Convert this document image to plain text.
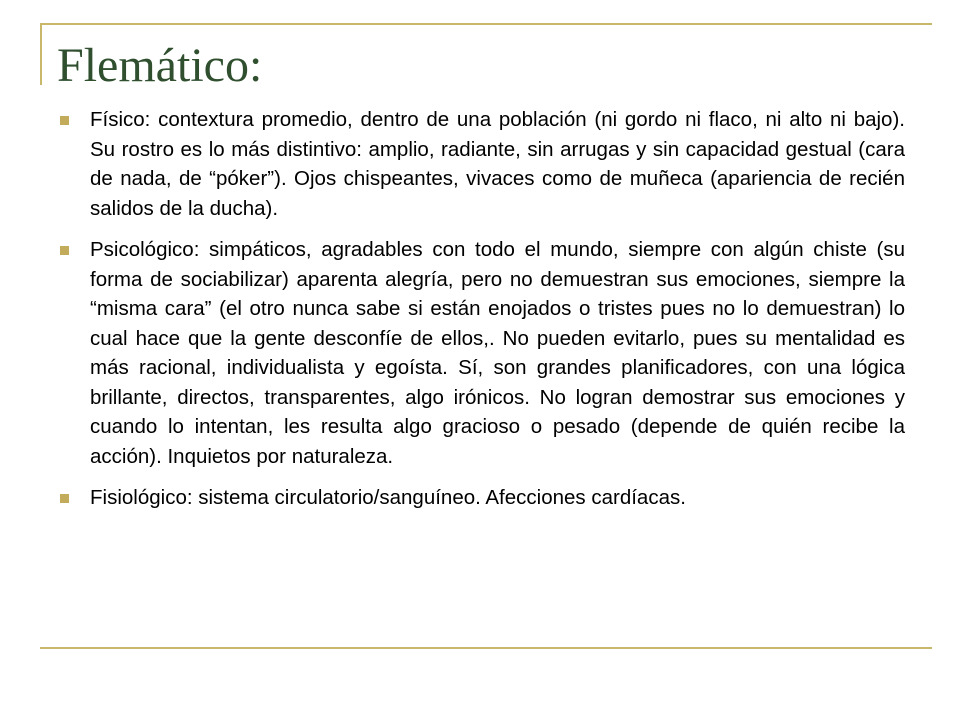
Flemático:
Físico: contextura promedio, dentro de una población (ni gordo ni flaco, ni alto ni bajo). Su rostro es lo más distintivo: amplio, radiante, sin arrugas y sin capacidad gestual (cara de nada, de “póker”). Ojos chispeantes, vivaces como de muñeca (apariencia de recién salidos de la ducha).
Psicológico: simpáticos, agradables con todo el mundo, siempre con algún chiste (su forma de sociabilizar) aparenta alegría, pero no demuestran sus emociones, siempre la “misma cara” (el otro nunca sabe si están enojados o tristes pues no lo demuestran) lo cual hace que la gente desconfíe de ellos,. No pueden evitarlo, pues su mentalidad es más racional, individualista y egoísta. Sí, son grandes planificadores, con una lógica brillante, directos, transparentes, algo irónicos. No logran demostrar sus emociones y cuando lo intentan, les resulta algo gracioso o pesado (depende de quién recibe la acción). Inquietos por naturaleza.
Fisiológico: sistema circulatorio/sanguíneo. Afecciones cardíacas.
